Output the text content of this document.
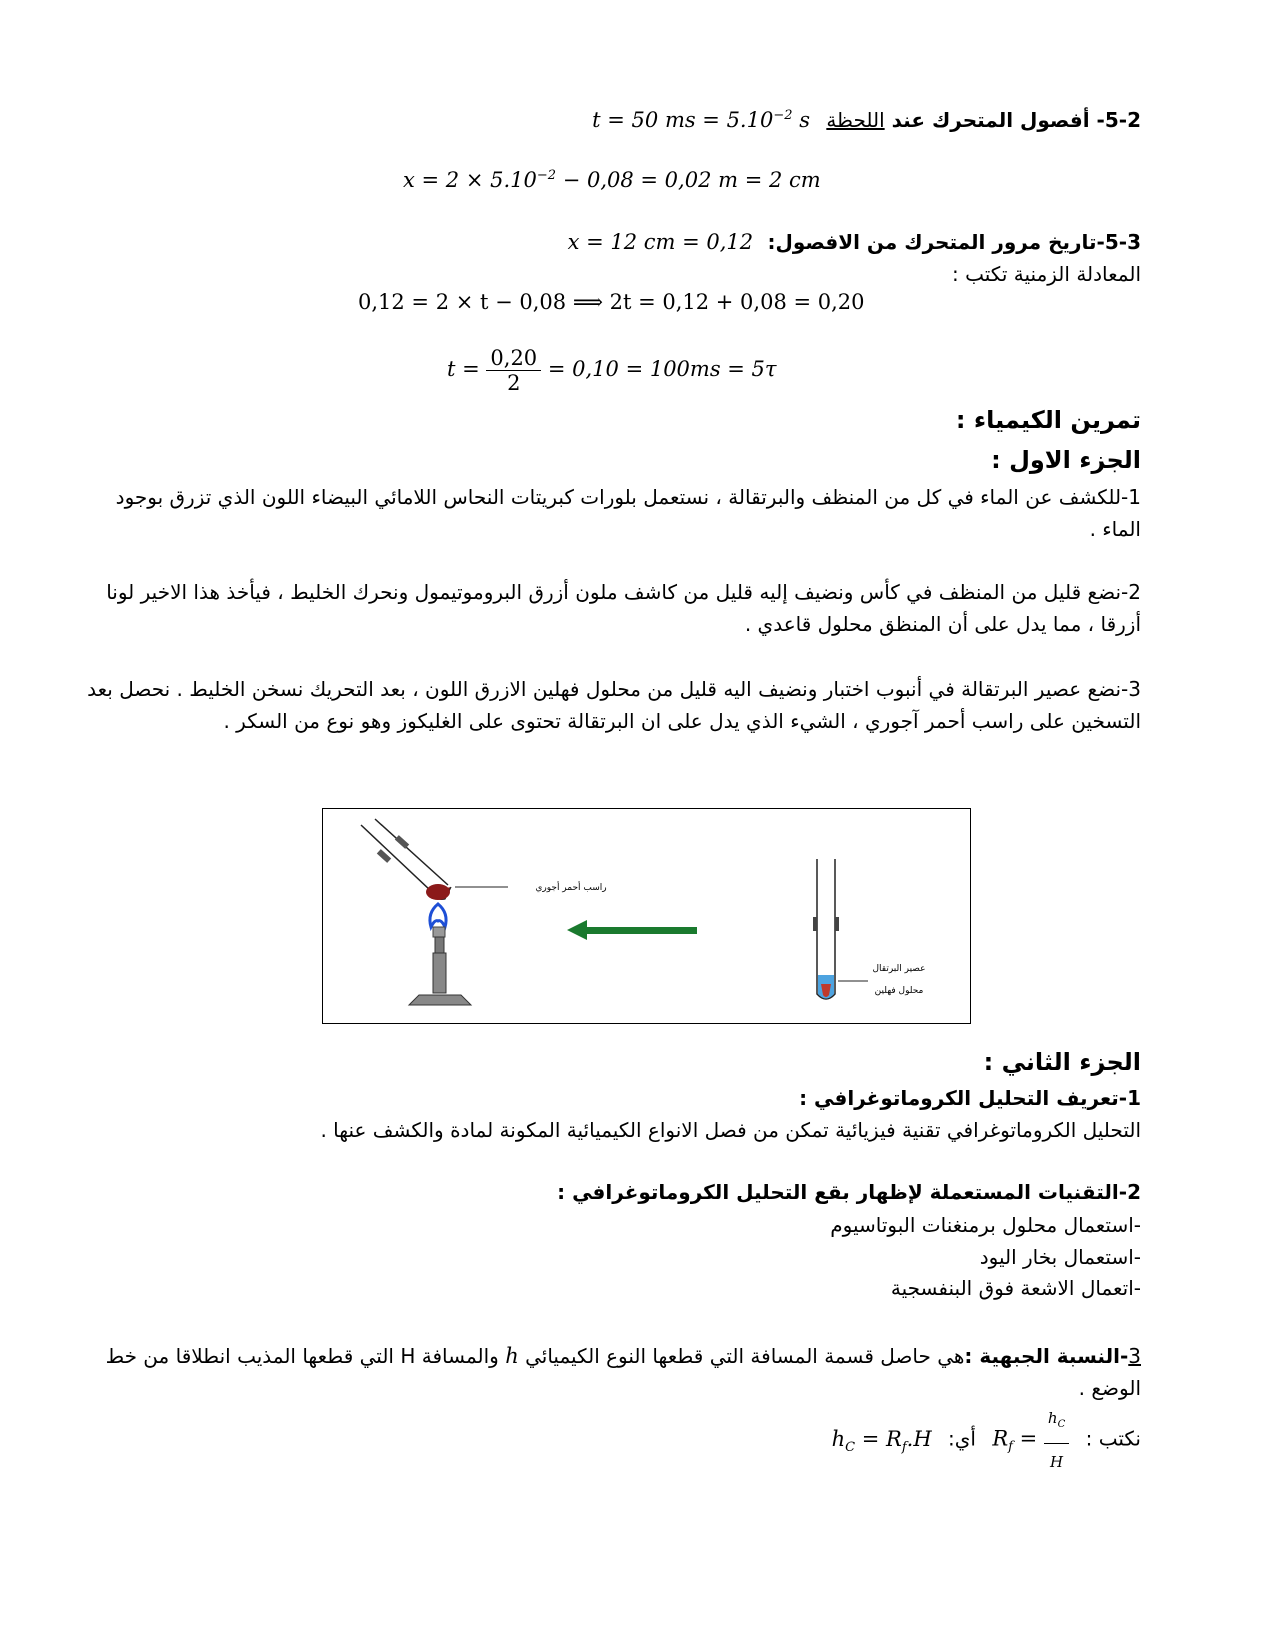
5-2- أفصول المتحرك عند اللحظة t = 50 ms = $5.10^{-2}$ s
$x = 2 \times 5.10^{-2} - 0,08 = 0,02$ m = 2 cm
5-3-تاريخ مرور المتحرك من الافصول: x = 12 cm = 0,12
المعادلة الزمنية تكتب :
0,12 = 2 × t − 0,08 ⟹ 2t = 0,12 + 0,08 = 0,20
$t = \frac{0,20}{2} = 0,10 = 100ms = 5\tau$
تمرين الكيمياء :
الجزء الاول :
1-للكشف عن الماء في كل من المنظف والبرتقالة ، نستعمل بلورات كبريتات النحاس اللامائي البيضاء اللون الذي تزرق بوجود الماء .
2-نضع قليل من المنظف في كأس ونضيف إليه قليل من كاشف ملون أزرق البروموتيمول ونحرك الخليط ، فيأخذ هذا الاخير لونا أزرقا ، مما يدل على أن المنظق محلول قاعدي .
3-نضع عصير البرتقالة في أنبوب اختبار ونضيف اليه قليل من محلول فهلين الازرق اللون ، بعد التحريك نسخن الخليط . نحصل بعد التسخين على راسب أحمر آجوري ، الشيء الذي يدل على ان البرتقالة تحتوى على الغليكوز وهو نوع من السكر .
راسب أحمر أجوري
عصير البرتقال
محلول فهلين
الجزء الثاني :
1-تعريف التحليل الكروماتوغرافي :
التحليل الكروماتوغرافي تقنية فيزيائية تمكن من فصل الانواع الكيميائية المكونة لمادة والكشف عنها .
2-التقنيات المستعملة لإظهار بقع التحليل الكروماتوغرافي :
-استعمال محلول برمنغنات البوتاسيوم
-استعمال بخار اليود
-اتعمال الاشعة فوق البنفسجية
3-النسبة الجبهية :هي حاصل قسمة المسافة التي قطعها النوع الكيميائي h والمسافة H التي قطعها المذيب انطلاقا من خط الوضع .
نكتب : $R_f = \frac{h_C}{H}$
أي: $h_C = R_f.H$
